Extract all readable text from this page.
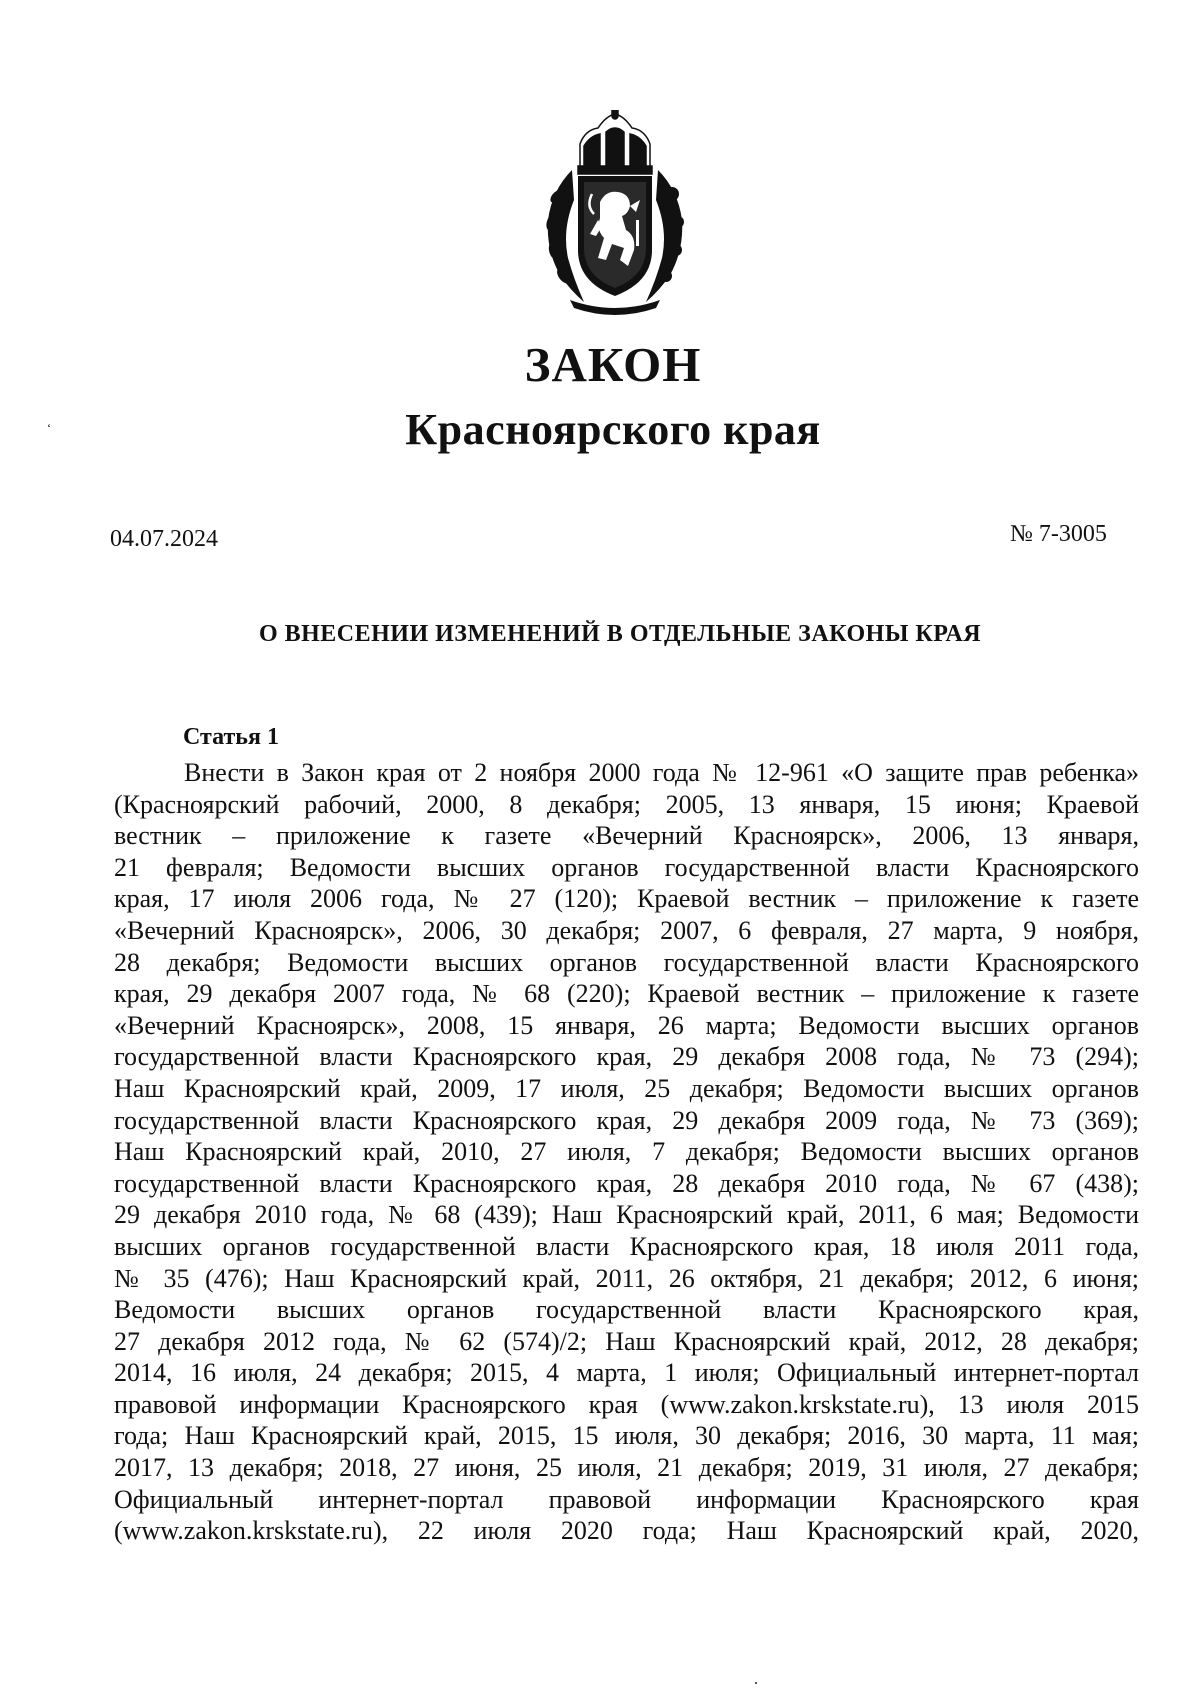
ЗАКОН
Красноярского края
‘
04.07.2024	№ 7-3005
О ВНЕСЕНИИ ИЗМЕНЕНИЙ В ОТДЕЛЬНЫЕ ЗАКОНЫ КРАЯ
Статья 1
Внести в Закон края от 2 ноября 2000 года № 12-961 «О защите прав ребенка»
(Красноярский рабочий, 2000, 8 декабря; 2005, 13 января, 15 июня; Краевой
вестник – приложение к газете «Вечерний Красноярск», 2006, 13 января,
21 февраля; Ведомости высших органов государственной власти Красноярского
края, 17 июля 2006 года, № 27 (120); Краевой вестник – приложение к газете
«Вечерний Красноярск», 2006, 30 декабря; 2007, 6 февраля, 27 марта, 9 ноября,
28 декабря; Ведомости высших органов государственной власти Красноярского
края, 29 декабря 2007 года, № 68 (220); Краевой вестник – приложение к газете
«Вечерний Красноярск», 2008, 15 января, 26 марта; Ведомости высших органов
государственной власти Красноярского края, 29 декабря 2008 года, № 73 (294);
Наш Красноярский край, 2009, 17 июля, 25 декабря; Ведомости высших органов
государственной власти Красноярского края, 29 декабря 2009 года, № 73 (369);
Наш Красноярский край, 2010, 27 июля, 7 декабря; Ведомости высших органов
государственной власти Красноярского края, 28 декабря 2010 года, № 67 (438);
29 декабря 2010 года, № 68 (439); Наш Красноярский край, 2011, 6 мая; Ведомости
высших органов государственной власти Красноярского края, 18 июля 2011 года,
№ 35 (476); Наш Красноярский край, 2011, 26 октября, 21 декабря; 2012, 6 июня;
Ведомости высших органов государственной власти Красноярского края,
27 декабря 2012 года, № 62 (574)/2; Наш Красноярский край, 2012, 28 декабря;
2014, 16 июля, 24 декабря; 2015, 4 марта, 1 июля; Официальный интернет-портал
правовой информации Красноярского края (www.zakon.krskstate.ru), 13 июля 2015
года; Наш Красноярский край, 2015, 15 июля, 30 декабря; 2016, 30 марта, 11 мая;
2017, 13 декабря; 2018, 27 июня, 25 июля, 21 декабря; 2019, 31 июля, 27 декабря;
Официальный интернет-портал правовой информации Красноярского края
(www.zakon.krskstate.ru), 22 июля 2020 года; Наш Красноярский край, 2020,
